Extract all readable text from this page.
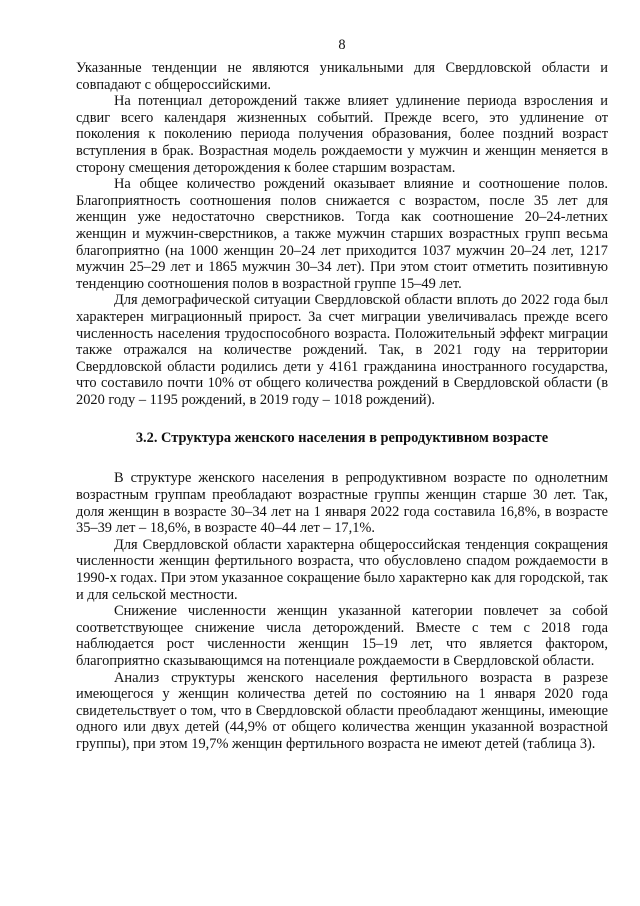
8

Указанные тенденции не являются уникальными для Свердловской области и совпадают с общероссийскими.

На потенциал деторождений также влияет удлинение периода взросления и сдвиг всего календаря жизненных событий. Прежде всего, это удлинение от поколения к поколению периода получения образования, более поздний возраст вступления в брак. Возрастная модель рождаемости у мужчин и женщин меняется в сторону смещения деторождения к более старшим возрастам.

На общее количество рождений оказывает влияние и соотношение полов. Благоприятность соотношения полов снижается с возрастом, после 35 лет для женщин уже недостаточно сверстников. Тогда как соотношение 20–24-летних женщин и мужчин-сверстников, а также мужчин старших возрастных групп весьма благоприятно (на 1000 женщин 20–24 лет приходится 1037 мужчин 20–24 лет, 1217 мужчин 25–29 лет и 1865 мужчин 30–34 лет). При этом стоит отметить позитивную тенденцию соотношения полов в возрастной группе 15–49 лет.

Для демографической ситуации Свердловской области вплоть до 2022 года был характерен миграционный прирост. За счет миграции увеличивалась прежде всего численность населения трудоспособного возраста. Положительный эффект миграции также отражался на количестве рождений. Так, в 2021 году на территории Свердловской области родились дети у 4161 гражданина иностранного государства, что составило почти 10% от общего количества рождений в Свердловской области (в 2020 году – 1195 рождений, в 2019 году – 1018 рождений).

3.2. Структура женского населения в репродуктивном возрасте

В структуре женского населения в репродуктивном возрасте по однолетним возрастным группам преобладают возрастные группы женщин старше 30 лет. Так, доля женщин в возрасте 30–34 лет на 1 января 2022 года составила 16,8%, в возрасте 35–39 лет – 18,6%, в возрасте 40–44 лет – 17,1%.

Для Свердловской области характерна общероссийская тенденция сокращения численности женщин фертильного возраста, что обусловлено спадом рождаемости в 1990-х годах. При этом указанное сокращение было характерно как для городской, так и для сельской местности.

Снижение численности женщин указанной категории повлечет за собой соответствующее снижение числа деторождений. Вместе с тем с 2018 года наблюдается рост численности женщин 15–19 лет, что является фактором, благоприятно сказывающимся на потенциале рождаемости в Свердловской области.

Анализ структуры женского населения фертильного возраста в разрезе имеющегося у женщин количества детей по состоянию на 1 января 2020 года свидетельствует о том, что в Свердловской области преобладают женщины, имеющие одного или двух детей (44,9% от общего количества женщин указанной возрастной группы), при этом 19,7% женщин фертильного возраста не имеют детей (таблица 3).
